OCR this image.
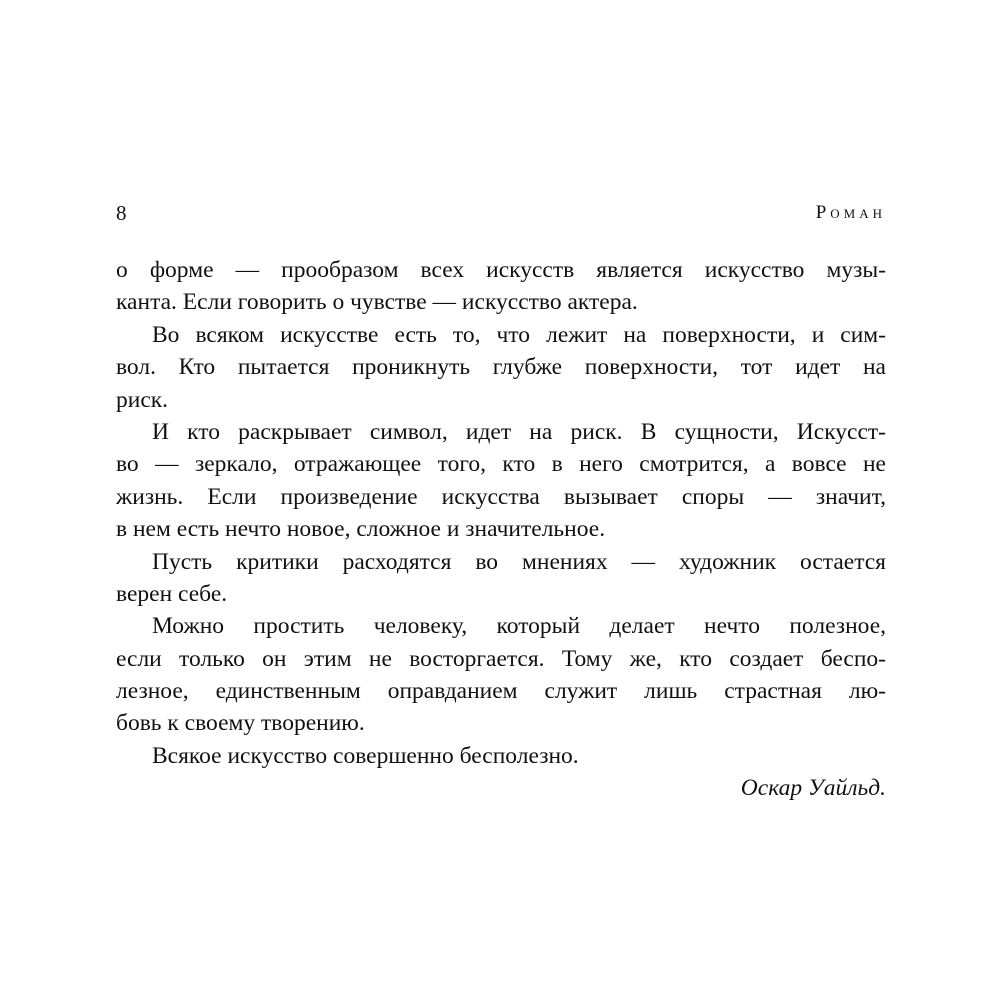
8	Роман
о форме — прообразом всех искусств является искусство музы-
канта. Если говорить о чувстве — искусство актера.
Во всяком искусстве есть то, что лежит на поверхности, и сим-
вол. Кто пытается проникнуть глубже поверхности, тот идет на
риск.
И кто раскрывает символ, идет на риск. В сущности, Искусст-
во — зеркало, отражающее того, кто в него смотрится, а вовсе не
жизнь. Если произведение искусства вызывает споры — значит,
в нем есть нечто новое, сложное и значительное.
Пусть критики расходятся во мнениях — художник остается
верен себе.
Можно простить человеку, который делает нечто полезное,
если только он этим не восторгается. Тому же, кто создает беспо-
лезное, единственным оправданием служит лишь страстная лю-
бовь к своему творению.
Всякое искусство совершенно бесполезно.
Оскар Уайльд.
